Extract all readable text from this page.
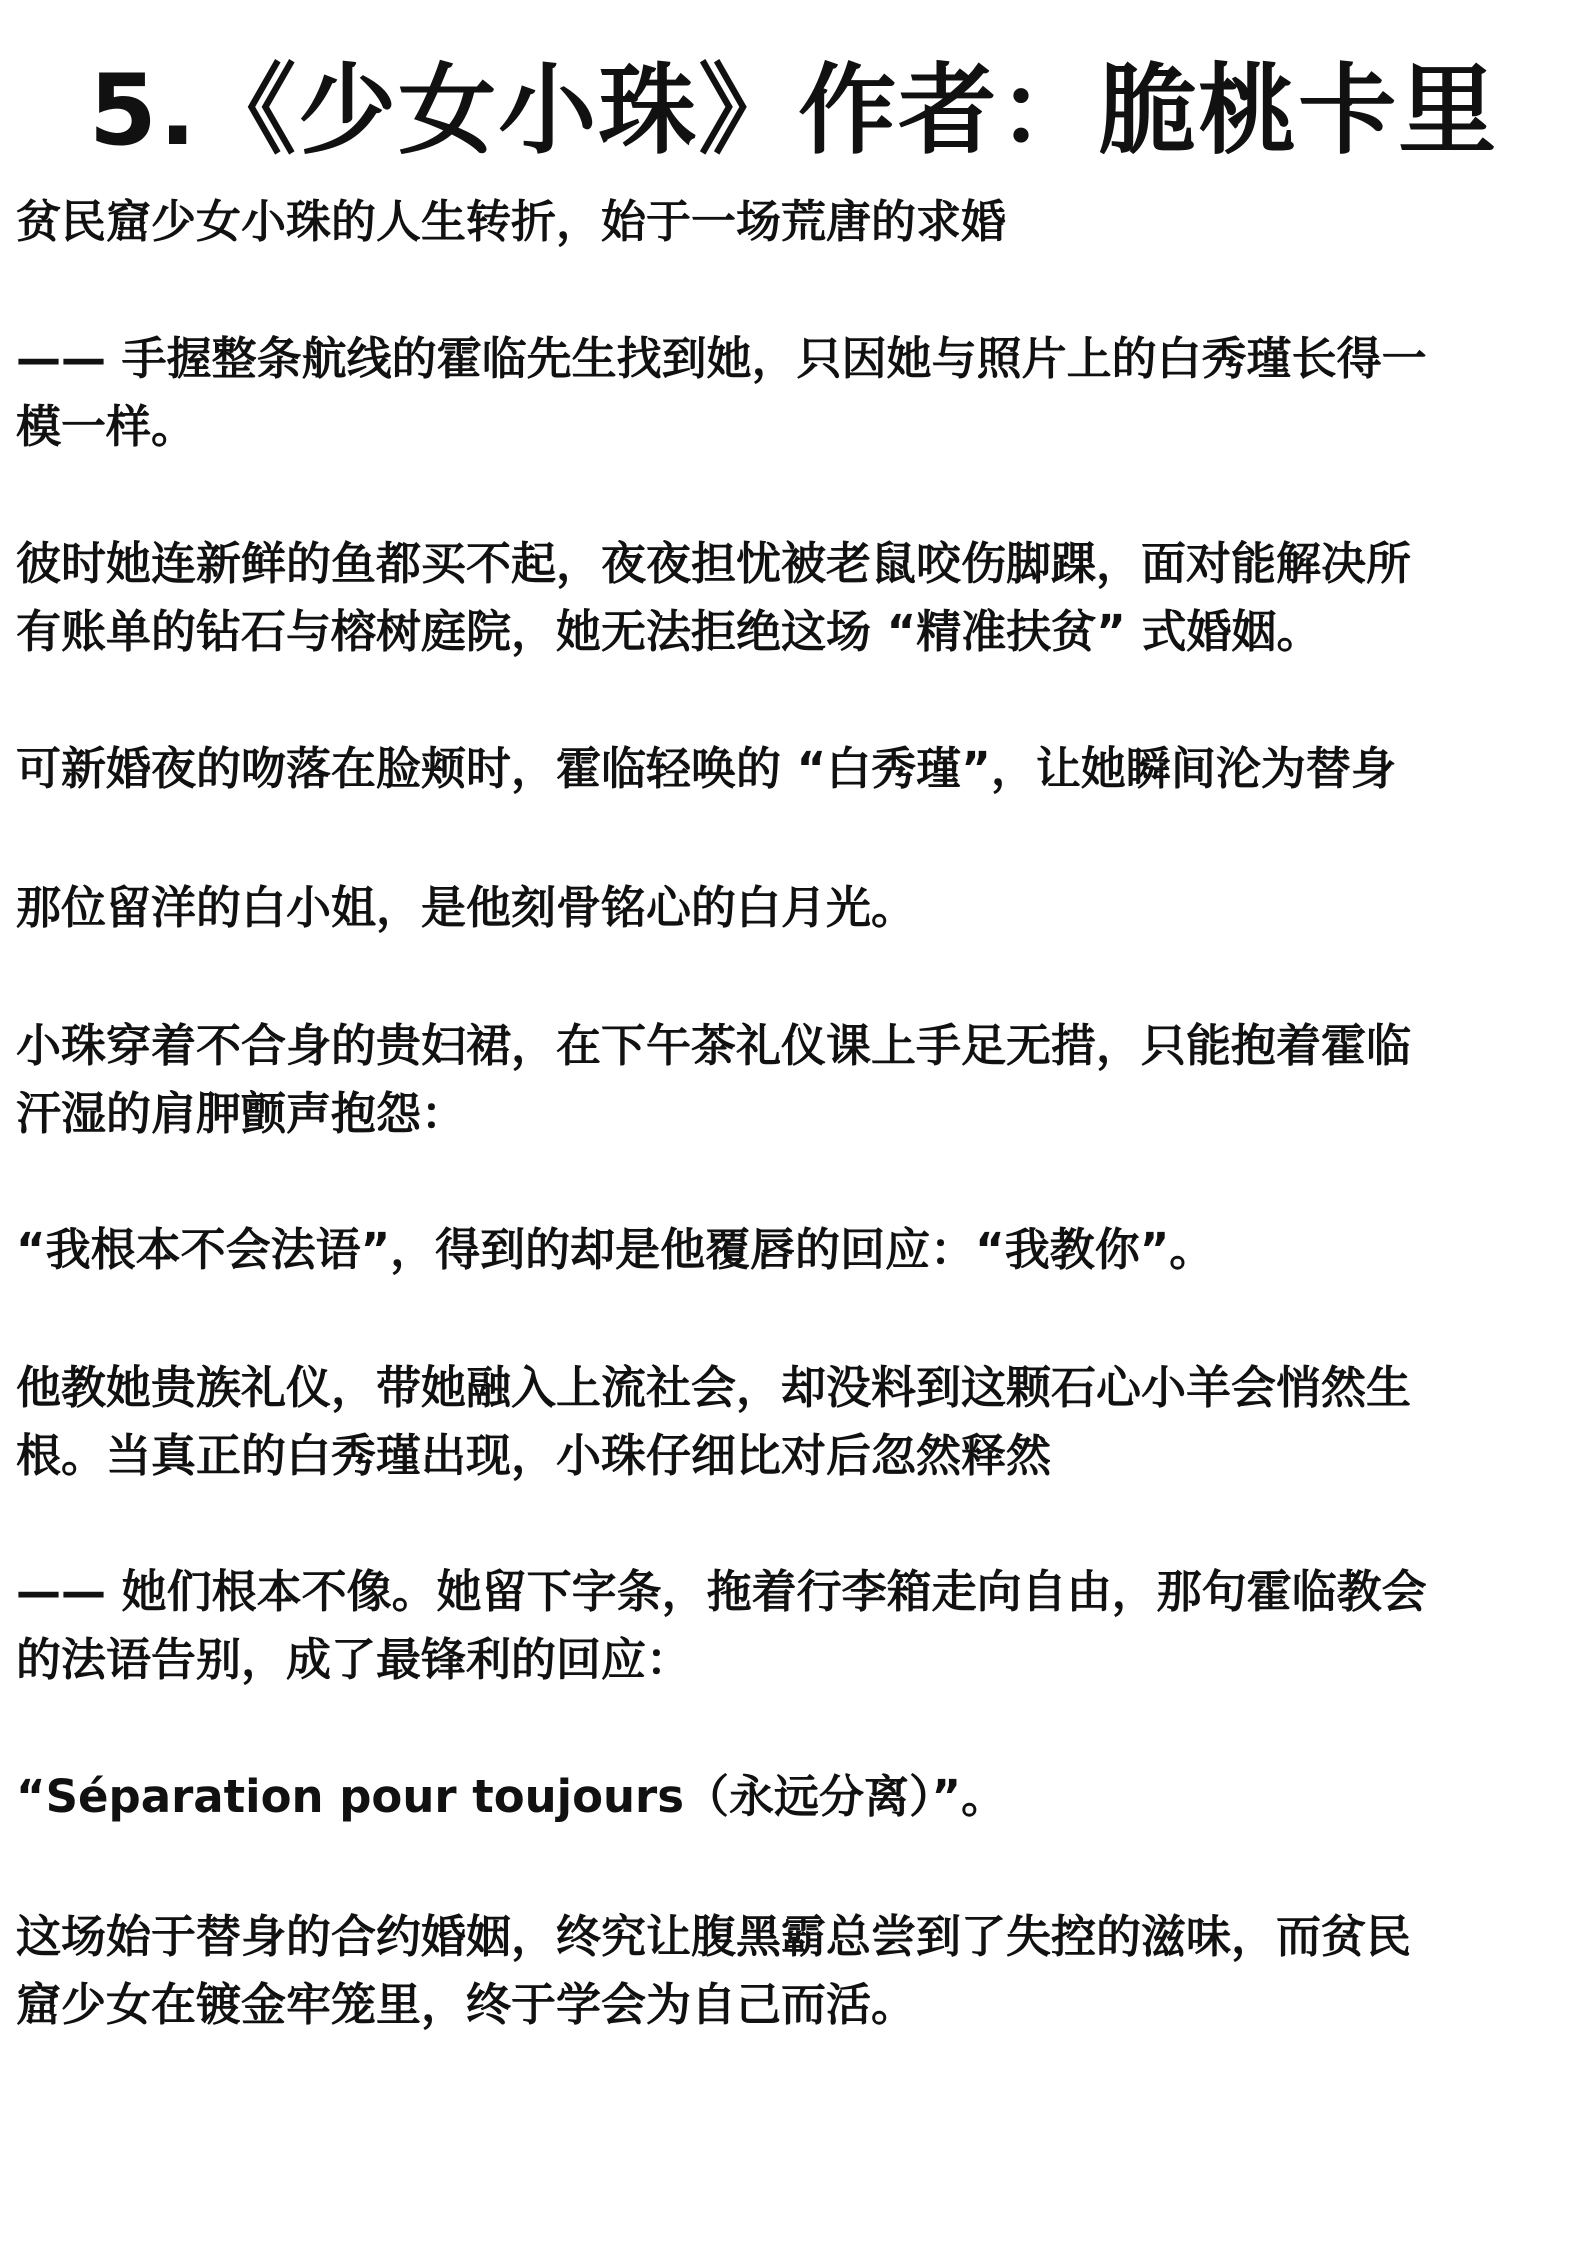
5.《少女小珠》作者：脆桃卡里

贫民窟少女小珠的人生转折，始于一场荒唐的求婚

—— 手握整条航线的霍临先生找到她，只因她与照片上的白秀瑾长得一
模一样。

彼时她连新鲜的鱼都买不起，夜夜担忧被老鼠咬伤脚踝，面对能解决所
有账单的钻石与榕树庭院，她无法拒绝这场 “精准扶贫” 式婚姻。

可新婚夜的吻落在脸颊时，霍临轻唤的 “白秀瑾”，让她瞬间沦为替身

那位留洋的白小姐，是他刻骨铭心的白月光。

小珠穿着不合身的贵妇裙，在下午茶礼仪课上手足无措，只能抱着霍临
汗湿的肩胛颤声抱怨：

“我根本不会法语”，得到的却是他覆唇的回应：“我教你”。

他教她贵族礼仪，带她融入上流社会，却没料到这颗石心小羊会悄然生
根。当真正的白秀瑾出现，小珠仔细比对后忽然释然

—— 她们根本不像。她留下字条，拖着行李箱走向自由，那句霍临教会
的法语告别，成了最锋利的回应：

“Séparation pour toujours（永远分离）”。

这场始于替身的合约婚姻，终究让腹黑霸总尝到了失控的滋味，而贫民
窟少女在镀金牢笼里，终于学会为自己而活。
